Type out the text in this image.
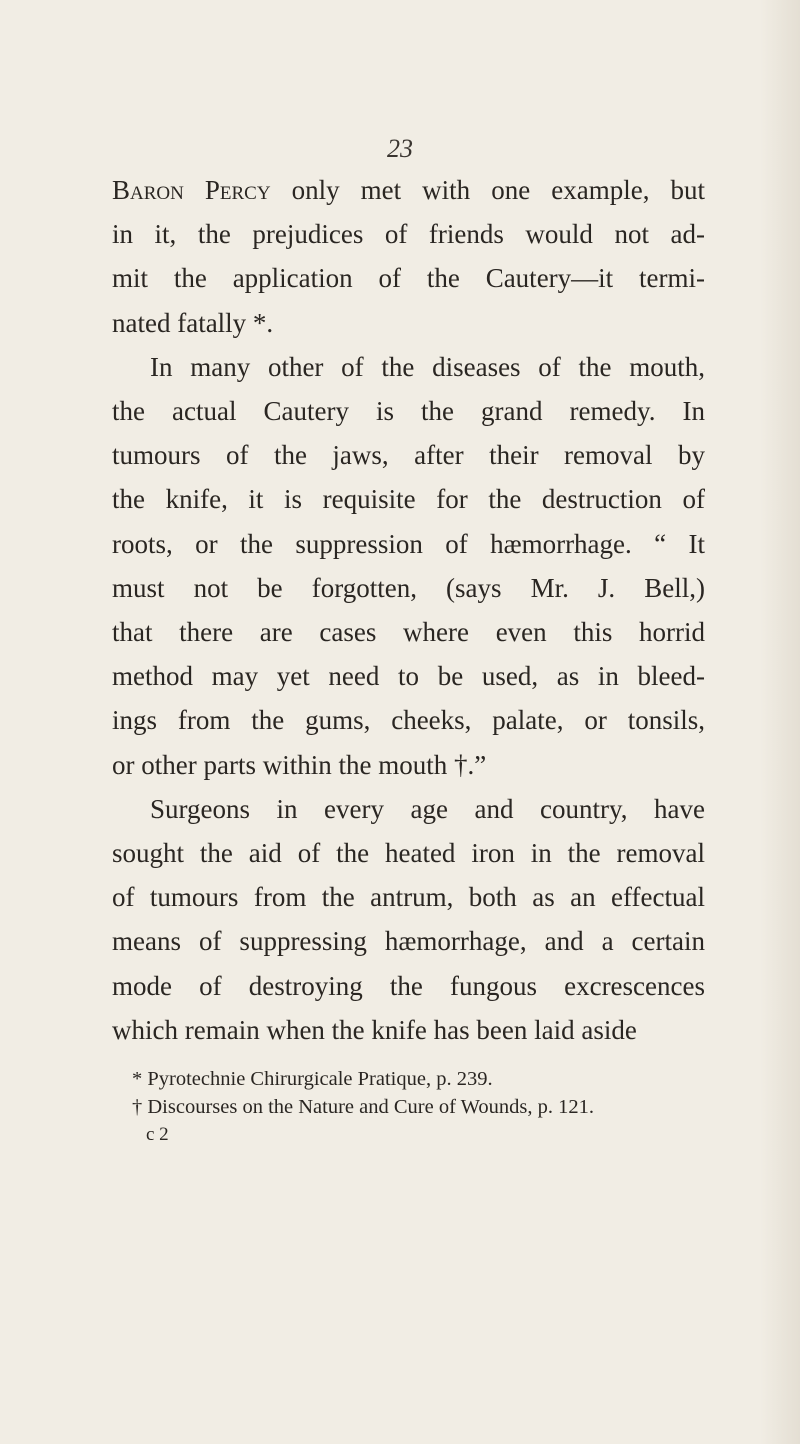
23
Baron Percy only met with one example, but
in it, the prejudices of friends would not ad-
mit the application of the Cautery—it termi-
nated fatally *.
In many other of the diseases of the mouth,
the actual Cautery is the grand remedy. In
tumours of the jaws, after their removal by
the knife, it is requisite for the destruction of
roots, or the suppression of hæmorrhage. “ It
must not be forgotten, (says Mr. J. Bell,)
that there are cases where even this horrid
method may yet need to be used, as in bleed-
ings from the gums, cheeks, palate, or tonsils,
or other parts within the mouth †.”
Surgeons in every age and country, have
sought the aid of the heated iron in the removal
of tumours from the antrum, both as an effectual
means of suppressing hæmorrhage, and a certain
mode of destroying the fungous excrescences
which remain when the knife has been laid aside
* Pyrotechnie Chirurgicale Pratique, p. 239.
† Discourses on the Nature and Cure of Wounds, p. 121.
c 2
